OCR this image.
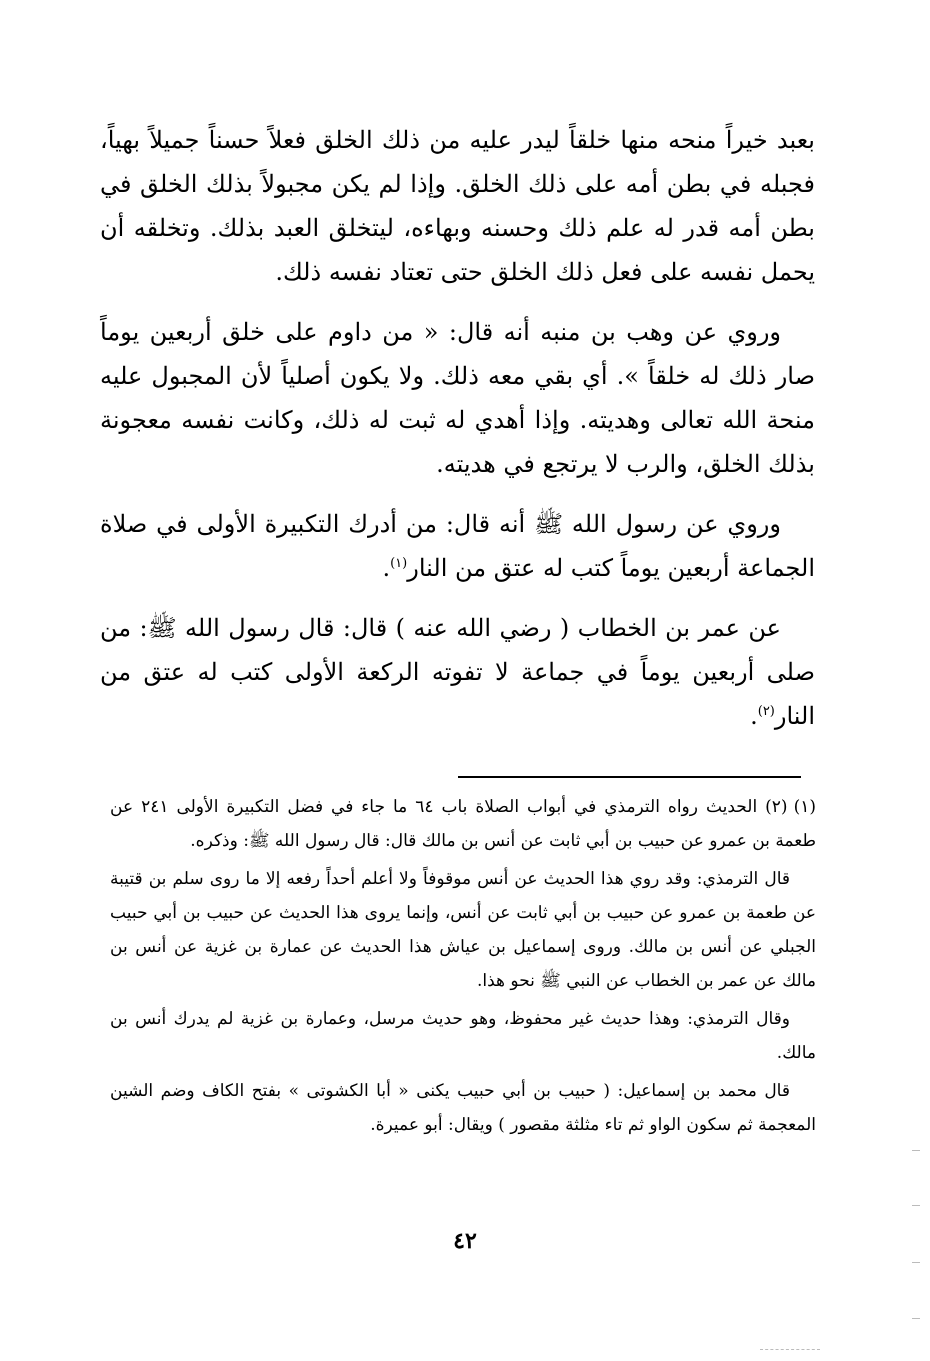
بعبد خيراً منحه منها خلقاً ليدر عليه من ذلك الخلق فعلاً حسناً جميلاً بهياً، فجبله في بطن أمه على ذلك الخلق. وإذا لم يكن مجبولاً بذلك الخلق في بطن أمه قدر له علم ذلك وحسنه وبهاءه، ليتخلق العبد بذلك. وتخلقه أن يحمل نفسه على فعل ذلك الخلق حتى تعتاد نفسه ذلك.

وروي عن وهب بن منبه أنه قال: « من داوم على خلق أربعين يوماً صار ذلك له خلقاً ». أي بقي معه ذلك. ولا يكون أصلياً لأن المجبول عليه منحة الله تعالى وهديته. وإذا أهدي له ثبت له ذلك، وكانت نفسه معجونة بذلك الخلق، والرب لا يرتجع في هديته.

وروي عن رسول الله ﷺ أنه قال: من أدرك التكبيرة الأولى في صلاة الجماعة أربعين يوماً كتب له عتق من النار$^{(١)}$.

عن عمر بن الخطاب ( رضي الله عنه ) قال: قال رسول الله ﷺ: من صلى أربعين يوماً في جماعة لا تفوته الركعة الأولى كتب له عتق من النار$^{(٢)}$.

(١)(٢) الحديث رواه الترمذي في أبواب الصلاة باب ٦٤ ما جاء في فضل التكبيرة الأولى ٢٤١ عن طعمة بن عمرو عن حبيب بن أبي ثابت عن أنس بن مالك قال: قال رسول الله ﷺ: وذكره.

قال الترمذي: وقد روي هذا الحديث عن أنس موقوفاً ولا أعلم أحداً رفعه إلا ما روى سلم بن قتيبة عن طعمة بن عمرو عن حبيب بن أبي ثابت عن أنس، وإنما يروى هذا الحديث عن حبيب بن أبي حبيب الجبلي عن أنس بن مالك. وروى إسماعيل بن عياش هذا الحديث عن عمارة بن غزية عن أنس بن مالك عن عمر بن الخطاب عن النبي ﷺ نحو هذا.

وقال الترمذي: وهذا حديث غير محفوظ، وهو حديث مرسل، وعمارة بن غزية لم يدرك أنس بن مالك.

قال محمد بن إسماعيل: ( حبيب بن أبي حبيب يكنى « أبا الكشوتى » بفتح الكاف وضم الشين المعجمة ثم سكون الواو ثم تاء مثلثة مقصور ) ويقال: أبو عميرة.

٤٢
